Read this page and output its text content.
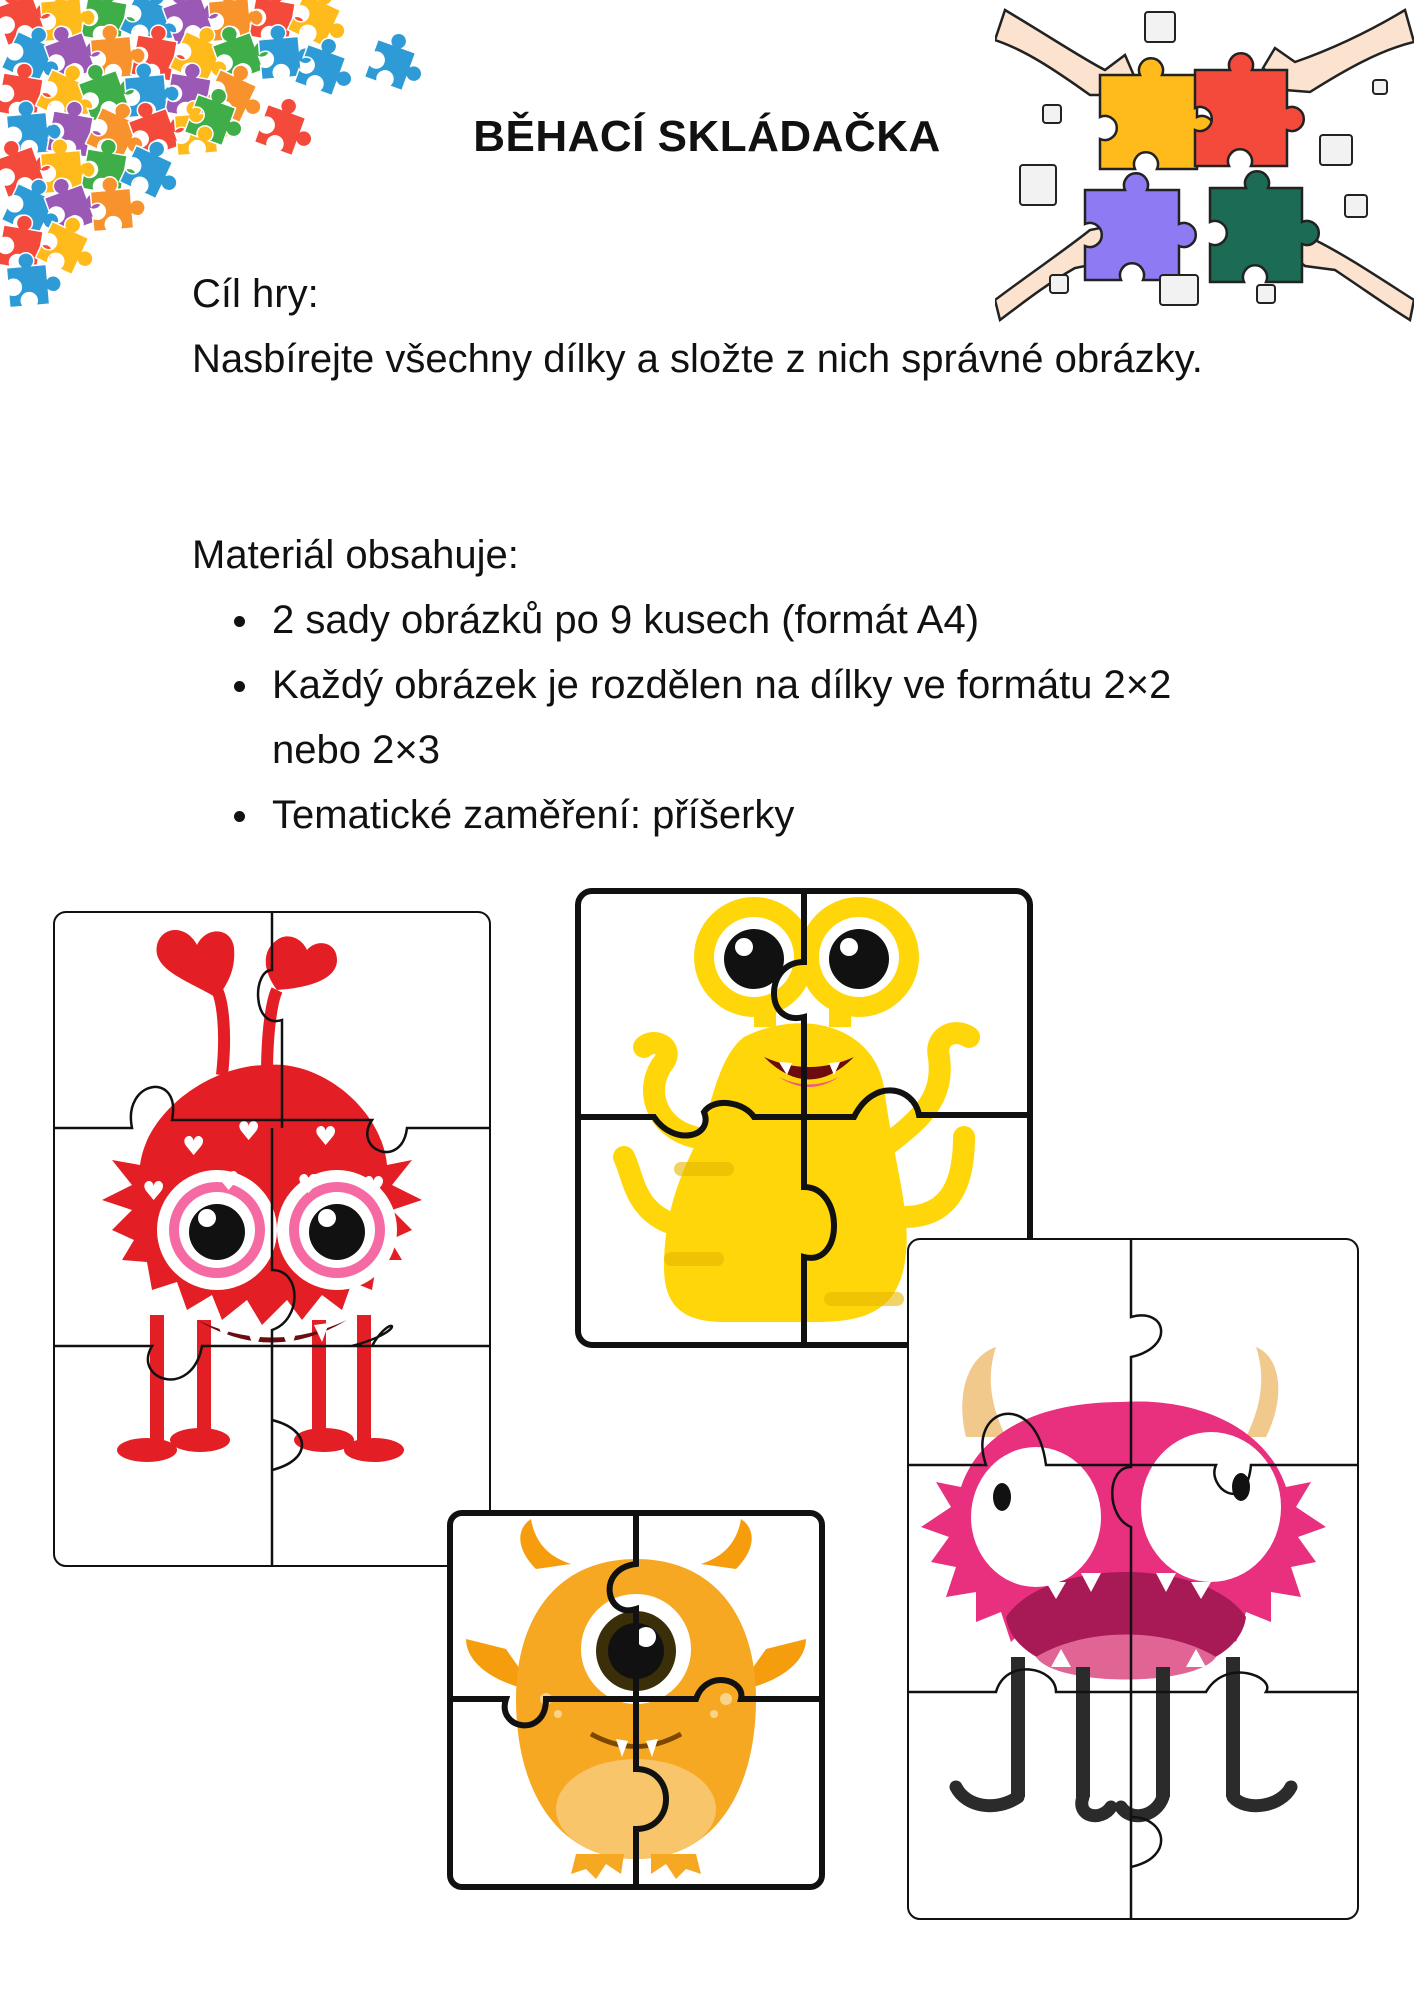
BĚHACÍ SKLÁDAČKA
Cíl hry:
Nasbírejte všechny dílky a složte z nich správné obrázky.
Materiál obsahuje:
2 sady obrázků po 9 kusech (formát A4)
Každý obrázek je rozdělen na dílky ve formátu 2×2 nebo 2×3
Tematické zaměření: příšerky
♥ ♥ ♥
♥ ♥ ♥ ♥
♥	♥
